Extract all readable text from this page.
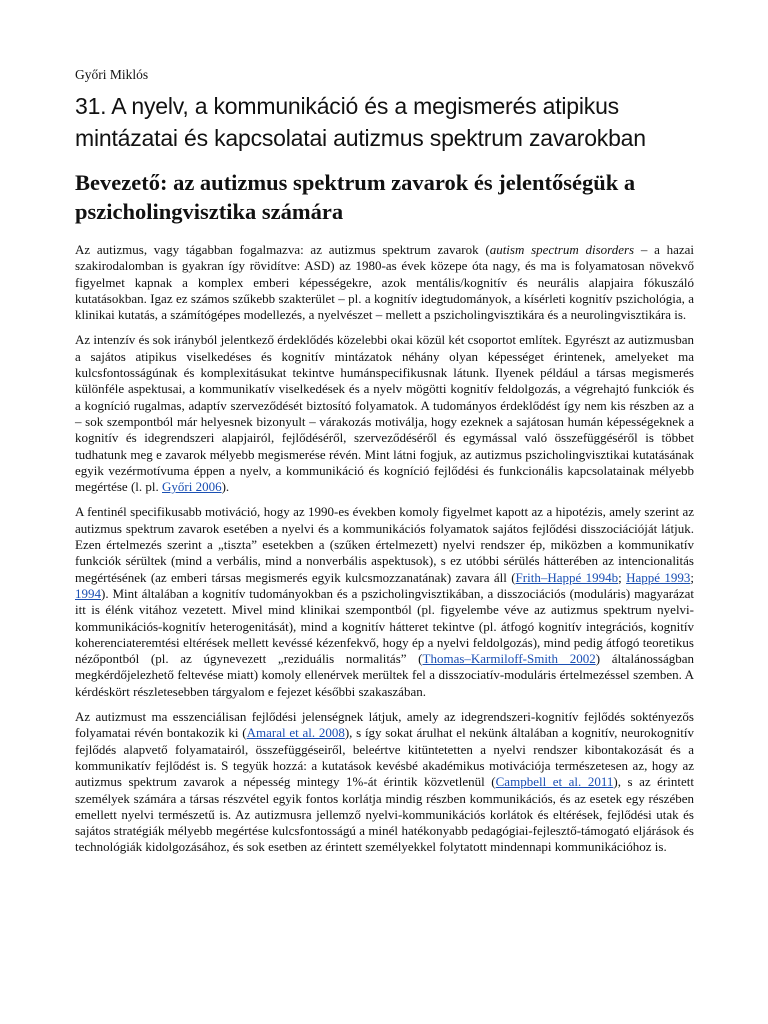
Győri Miklós
31. A nyelv, a kommunikáció és a megismerés atipikus mintázatai és kapcsolatai autizmus spektrum zavarokban
Bevezető: az autizmus spektrum zavarok és jelentőségük a pszicholingvisztika számára

Az autizmus, vagy tágabban fogalmazva: az autizmus spektrum zavarok (autism spectrum disorders – a hazai szakirodalomban is gyakran így rövidítve: ASD) az 1980-as évek közepe óta nagy, és ma is folyamatosan növekvő figyelmet kapnak a komplex emberi képességekre, azok mentális/kognitív és neurális alapjaira fókuszáló kutatásokban. Igaz ez számos szűkebb szakterület – pl. a kognitív idegtudományok, a kísérleti kognitív pszichológia, a klinikai kutatás, a számítógépes modellezés, a nyelvészet – mellett a pszicholingvisztikára és a neurolingvisztikára is.

Az intenzív és sok irányból jelentkező érdeklődés közelebbi okai közül két csoportot említek. Egyrészt az autizmusban a sajátos atipikus viselkedéses és kognitív mintázatok néhány olyan képességet érintenek, amelyeket ma kulcsfontosságúnak és komplexitásukat tekintve humánspecifikusnak látunk. Ilyenek például a társas megismerés különféle aspektusai, a kommunikatív viselkedések és a nyelv mögötti kognitív feldolgozás, a végrehajtó funkciók és a kogníció rugalmas, adaptív szerveződését biztosító folyamatok. A tudományos érdeklődést így nem kis részben az a – sok szempontból már helyesnek bizonyult – várakozás motiválja, hogy ezeknek a sajátosan humán képességeknek a kognitív és idegrendszeri alapjairól, fejlődéséről, szerveződéséről és egymással való összefüggéséről is többet tudhatunk meg e zavarok mélyebb megismerése révén. Mint látni fogjuk, az autizmus pszicholingvisztikai kutatásának egyik vezérmotívuma éppen a nyelv, a kommunikáció és kogníció fejlődési és funkcionális kapcsolatainak mélyebb megértése (l. pl. Győri 2006).

A fentinél specifikusabb motiváció, hogy az 1990-es években komoly figyelmet kapott az a hipotézis, amely szerint az autizmus spektrum zavarok esetében a nyelvi és a kommunikációs folyamatok sajátos fejlődési disszociációját látjuk. Ezen értelmezés szerint a „tiszta” esetekben a (szűken értelmezett) nyelvi rendszer ép, miközben a kommunikatív funkciók sérültek (mind a verbális, mind a nonverbális aspektusok), s ez utóbbi sérülés hátterében az intencionalitás megértésének (az emberi társas megismerés egyik kulcsmozzanatának) zavara áll (Frith–Happé 1994b; Happé 1993; 1994). Mint általában a kognitív tudományokban és a pszicholingvisztikában, a disszociációs (moduláris) magyarázat itt is élénk vitához vezetett. Mivel mind klinikai szempontból (pl. figyelembe véve az autizmus spektrum nyelvi-kommunikációs-kognitív heterogenitását), mind a kognitív hátteret tekintve (pl. átfogó kognitív integrációs, kognitív koherenciateremtési eltérések mellett kevéssé kézenfekvő, hogy ép a nyelvi feldolgozás), mind pedig átfogó teoretikus nézőpontból (pl. az úgynevezett „reziduális normalitás” (Thomas–Karmiloff-Smith 2002) általánosságban megkérdőjelezhető feltevése miatt) komoly ellenérvek merültek fel a disszociatív-moduláris értelmezéssel szemben. A kérdéskört részletesebben tárgyalom e fejezet későbbi szakaszában.

Az autizmust ma esszenciálisan fejlődési jelenségnek látjuk, amely az idegrendszeri-kognitív fejlődés soktényezős folyamatai révén bontakozik ki (Amaral et al. 2008), s így sokat árulhat el nekünk általában a kognitív, neurokognitív fejlődés alapvető folyamatairól, összefüggéseiről, beleértve kitüntetetten a nyelvi rendszer kibontakozását és a kommunikatív fejlődést is. S tegyük hozzá: a kutatások kevésbé akadémikus motivációja természetesen az, hogy az autizmus spektrum zavarok a népesség mintegy 1%-át érintik közvetlenül (Campbell et al. 2011), s az érintett személyek számára a társas részvétel egyik fontos korlátja mindig részben kommunikációs, és az esetek egy részében emellett nyelvi természetű is. Az autizmusra jellemző nyelvi-kommunikációs korlátok és eltérések, fejlődési utak és sajátos stratégiák mélyebb megértése kulcsfontosságú a minél hatékonyabb pedagógiai-fejlesztő-támogató eljárások és technológiák kidolgozásához, és sok esetben az érintett személyekkel folytatott mindennapi kommunikációhoz is.
